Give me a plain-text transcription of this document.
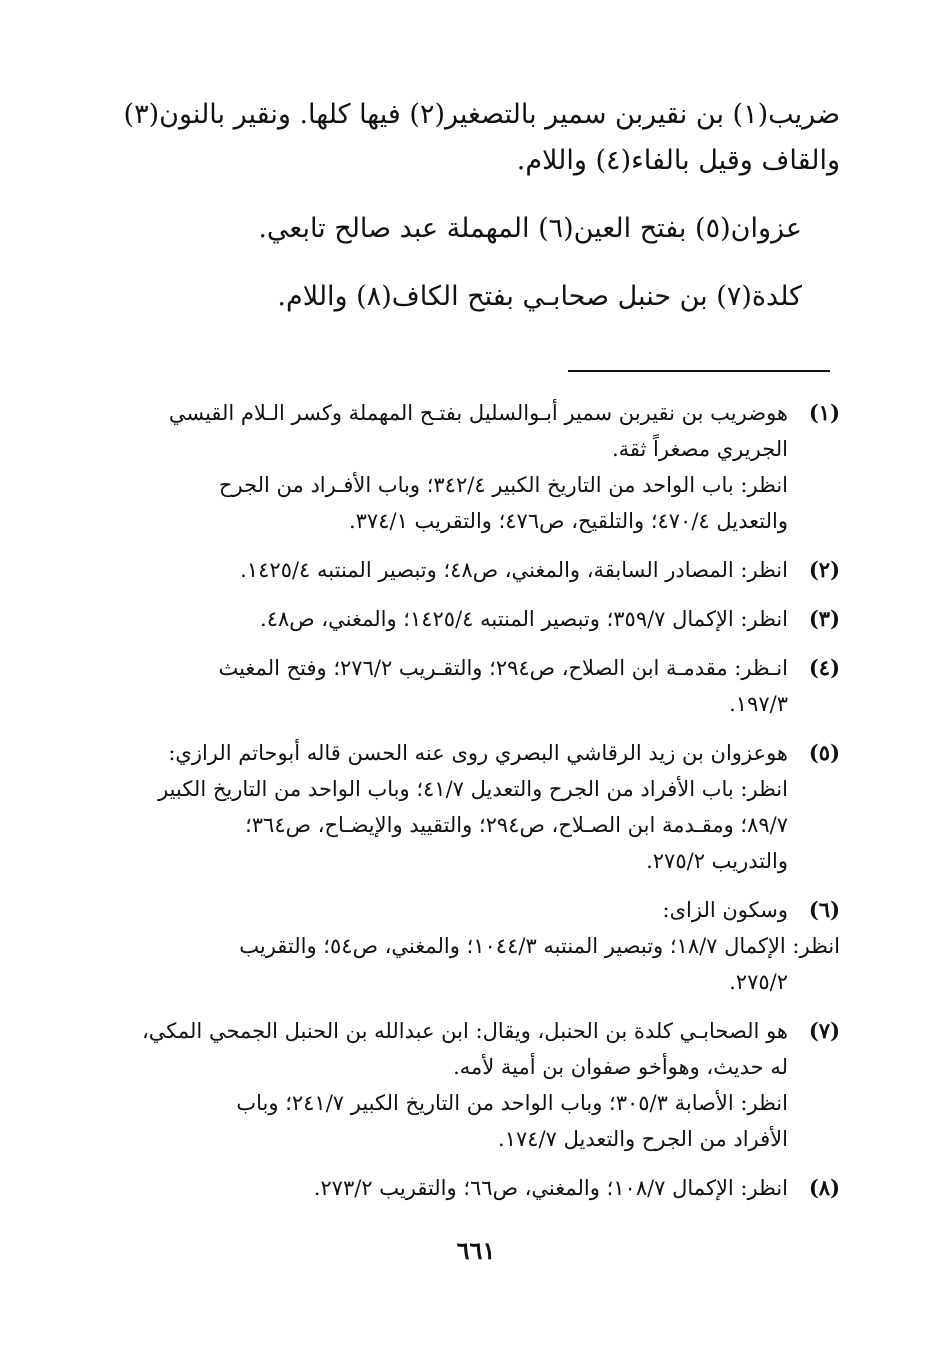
ضريب(١) بن نقيربن سمير بالتصغير(٢) فيها كلها. ونقير بالنون(٣)

والقاف وقيل بالفاء(٤) واللام.

عزوان(٥) بفتح العين(٦) المهملة عبد صالح تابعي.

كلدة(٧) بن حنبل صحابـي بفتح الكاف(٨) واللام.

(١)
هوضريب بن نقيربن سمير أبـوالسليل بفتـح المهملة وكسر الـلام القيسي
الجريري مصغراً ثقة.
انظر: باب الواحد من التاريخ الكبير ٣٤٢/٤؛ وباب الأفـراد من الجرح
والتعديل ٤٧٠/٤؛ والتلقيح، ص٤٧٦؛ والتقريب ٣٧٤/١.
(٢)
انظر: المصادر السابقة، والمغني، ص٤٨؛ وتبصير المنتبه ١٤٢٥/٤.
(٣)
انظر: الإكمال ٣٥٩/٧؛ وتبصير المنتبه ١٤٢٥/٤؛ والمغني، ص٤٨.
(٤)
انـظر: مقدمـة ابن الصلاح، ص٢٩٤؛ والتقـريب ٢٧٦/٢؛ وفتح المغيث
١٩٧/٣.
(٥)
هوعزوان بن زيد الرقاشي البصري روى عنه الحسن قاله أبوحاتم الرازي:
انظر: باب الأفراد من الجرح والتعديل ٤١/٧؛ وباب الواحد من التاريخ الكبير
٨٩/٧؛ ومقـدمة ابن الصـلاح، ص٢٩٤؛ والتقييد والإيضـاح، ص٣٦٤؛
والتدريب ٢٧٥/٢.
(٦)
وسكون الزاى:
انظر: الإكمال ١٨/٧؛ وتبصير المنتبه ١٠٤٤/٣؛ والمغني، ص٥٤؛ والتقريب
٢٧٥/٢.
(٧)
هو الصحابـي كلدة بن الحنبل، ويقال: ابن عبدالله بن الحنبل الجمحي المكي،
له حديث، وهوأخو صفوان بن أمية لأمه.
انظر: الأصابة ٣٠٥/٣؛ وباب الواحد من التاريخ الكبير ٢٤١/٧؛ وباب
الأفراد من الجرح والتعديل ١٧٤/٧.
(٨)
انظر: الإكمال ١٠٨/٧؛ والمغني، ص٦٦؛ والتقريب ٢٧٣/٢.
٦٦١
